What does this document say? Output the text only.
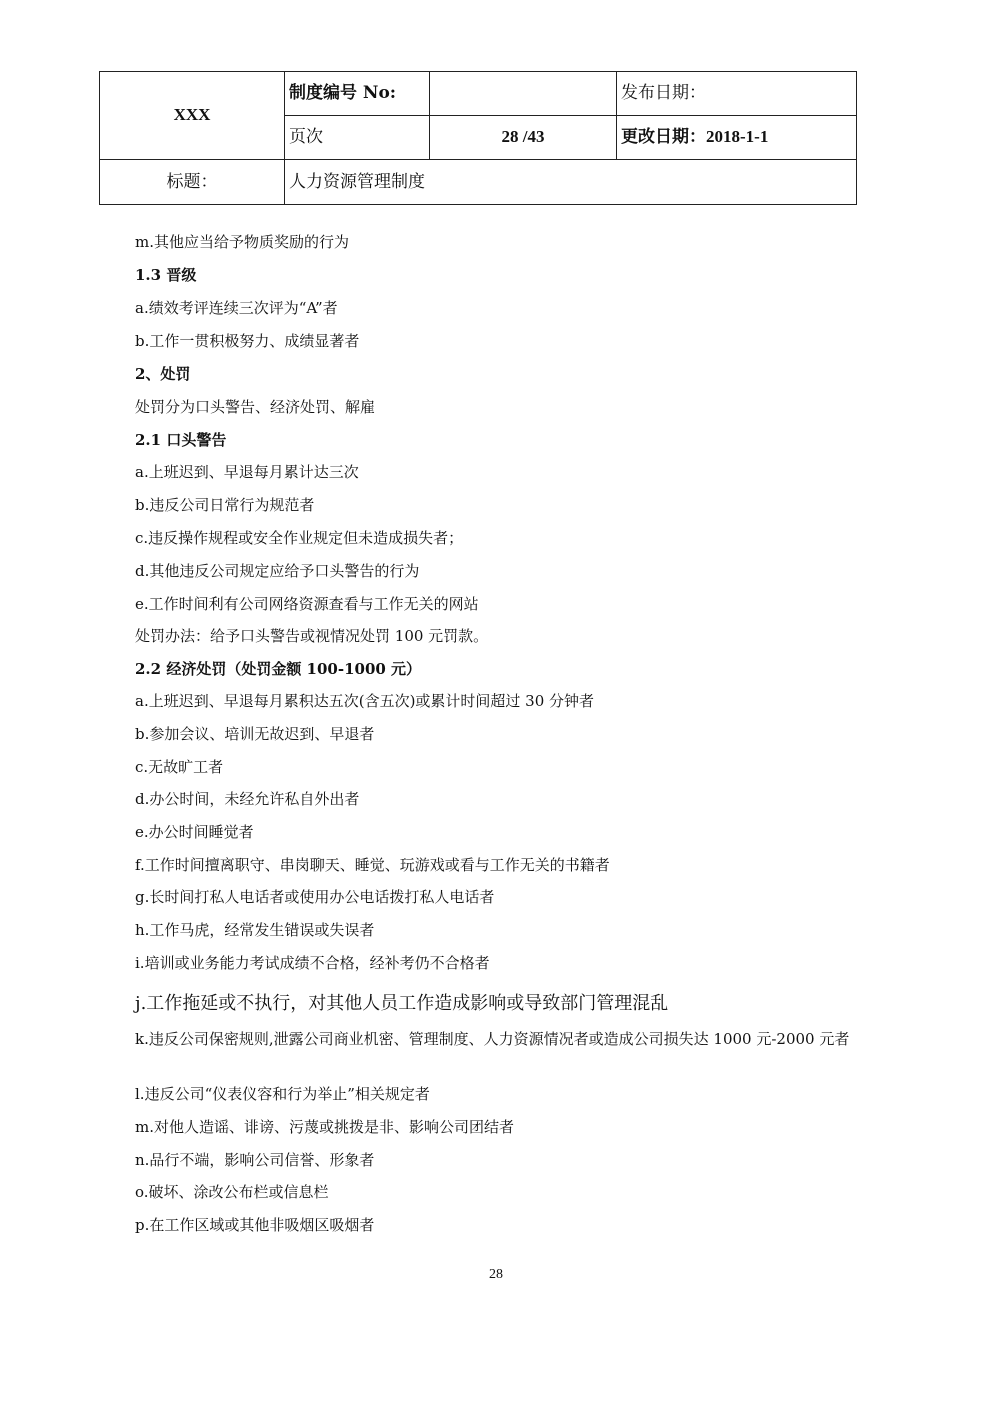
XXX	制度编号 No:		发布日期：
	页次	28 /43	更改日期：2018-1-1
标题：	人力资源管理制度		
m.其他应当给予物质奖励的行为
1.3 晋级
a.绩效考评连续三次评为“A”者
b.工作一贯积极努力、成绩显著者
2、处罚
处罚分为口头警告、经济处罚、解雇
2.1 口头警告
a.上班迟到、早退每月累计达三次
b.违反公司日常行为规范者
c.违反操作规程或安全作业规定但未造成损失者；
d.其他违反公司规定应给予口头警告的行为
e.工作时间利有公司网络资源查看与工作无关的网站
处罚办法：给予口头警告或视情况处罚 100 元罚款。
2.2 经济处罚（处罚金额 100-1000 元）
a.上班迟到、早退每月累积达五次(含五次)或累计时间超过 30 分钟者
b.参加会议、培训无故迟到、早退者
c.无故旷工者
d.办公时间，未经允许私自外出者
e.办公时间睡觉者
f.工作时间擅离职守、串岗聊天、睡觉、玩游戏或看与工作无关的书籍者
g.长时间打私人电话者或使用办公电话拨打私人电话者
h.工作马虎，经常发生错误或失误者
i.培训或业务能力考试成绩不合格，经补考仍不合格者
j.工作拖延或不执行，对其他人员工作造成影响或导致部门管理混乱
k.违反公司保密规则,泄露公司商业机密、管理制度、人力资源情况者或造成公司损失达 1000 元-2000 元者
l.违反公司“仪表仪容和行为举止”相关规定者
m.对他人造谣、诽谤、污蔑或挑拨是非、影响公司团结者
n.品行不端，影响公司信誉、形象者
o.破坏、涂改公布栏或信息栏
p.在工作区域或其他非吸烟区吸烟者
28
